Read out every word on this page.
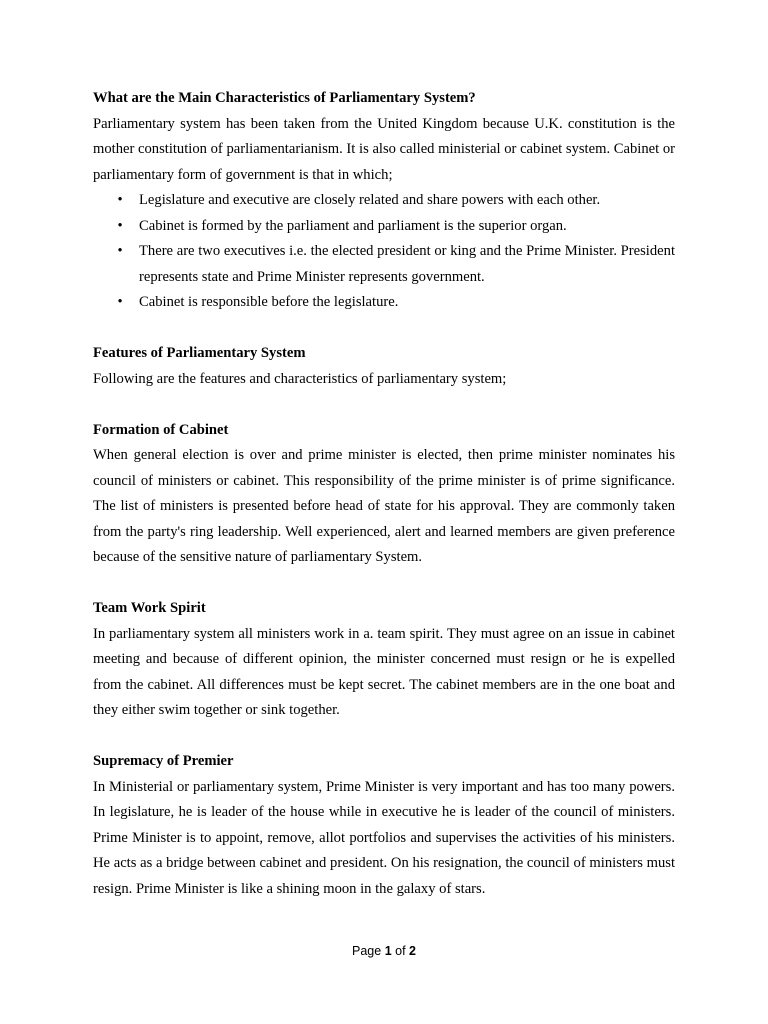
What are the Main Characteristics of Parliamentary System?

Parliamentary system has been taken from the United Kingdom because U.K. constitution is the mother constitution of parliamentarianism. It is also called ministerial or cabinet system. Cabinet or parliamentary form of government is that in which;

• Legislature and executive are closely related and share powers with each other.
• Cabinet is formed by the parliament and parliament is the superior organ.
• There are two executives i.e. the elected president or king and the Prime Minister. President represents state and Prime Minister represents government.
• Cabinet is responsible before the legislature.

Features of Parliamentary System

Following are the features and characteristics of parliamentary system;

Formation of Cabinet

When general election is over and prime minister is elected, then prime minister nominates his council of ministers or cabinet. This responsibility of the prime minister is of prime significance. The list of ministers is presented before head of state for his approval. They are commonly taken from the party's ring leadership. Well experienced, alert and learned members are given preference because of the sensitive nature of parliamentary System.

Team Work Spirit

In parliamentary system all ministers work in a. team spirit. They must agree on an issue in cabinet meeting and because of different opinion, the minister concerned must resign or he is expelled from the cabinet. All differences must be kept secret. The cabinet members are in the one boat and they either swim together or sink together.

Supremacy of Premier

In Ministerial or parliamentary system, Prime Minister is very important and has too many powers. In legislature, he is leader of the house while in executive he is leader of the council of ministers. Prime Minister is to appoint, remove, allot portfolios and supervises the activities of his ministers. He acts as a bridge between cabinet and president. On his resignation, the council of ministers must resign. Prime Minister is like a shining moon in the galaxy of stars.

Page 1 of 2
